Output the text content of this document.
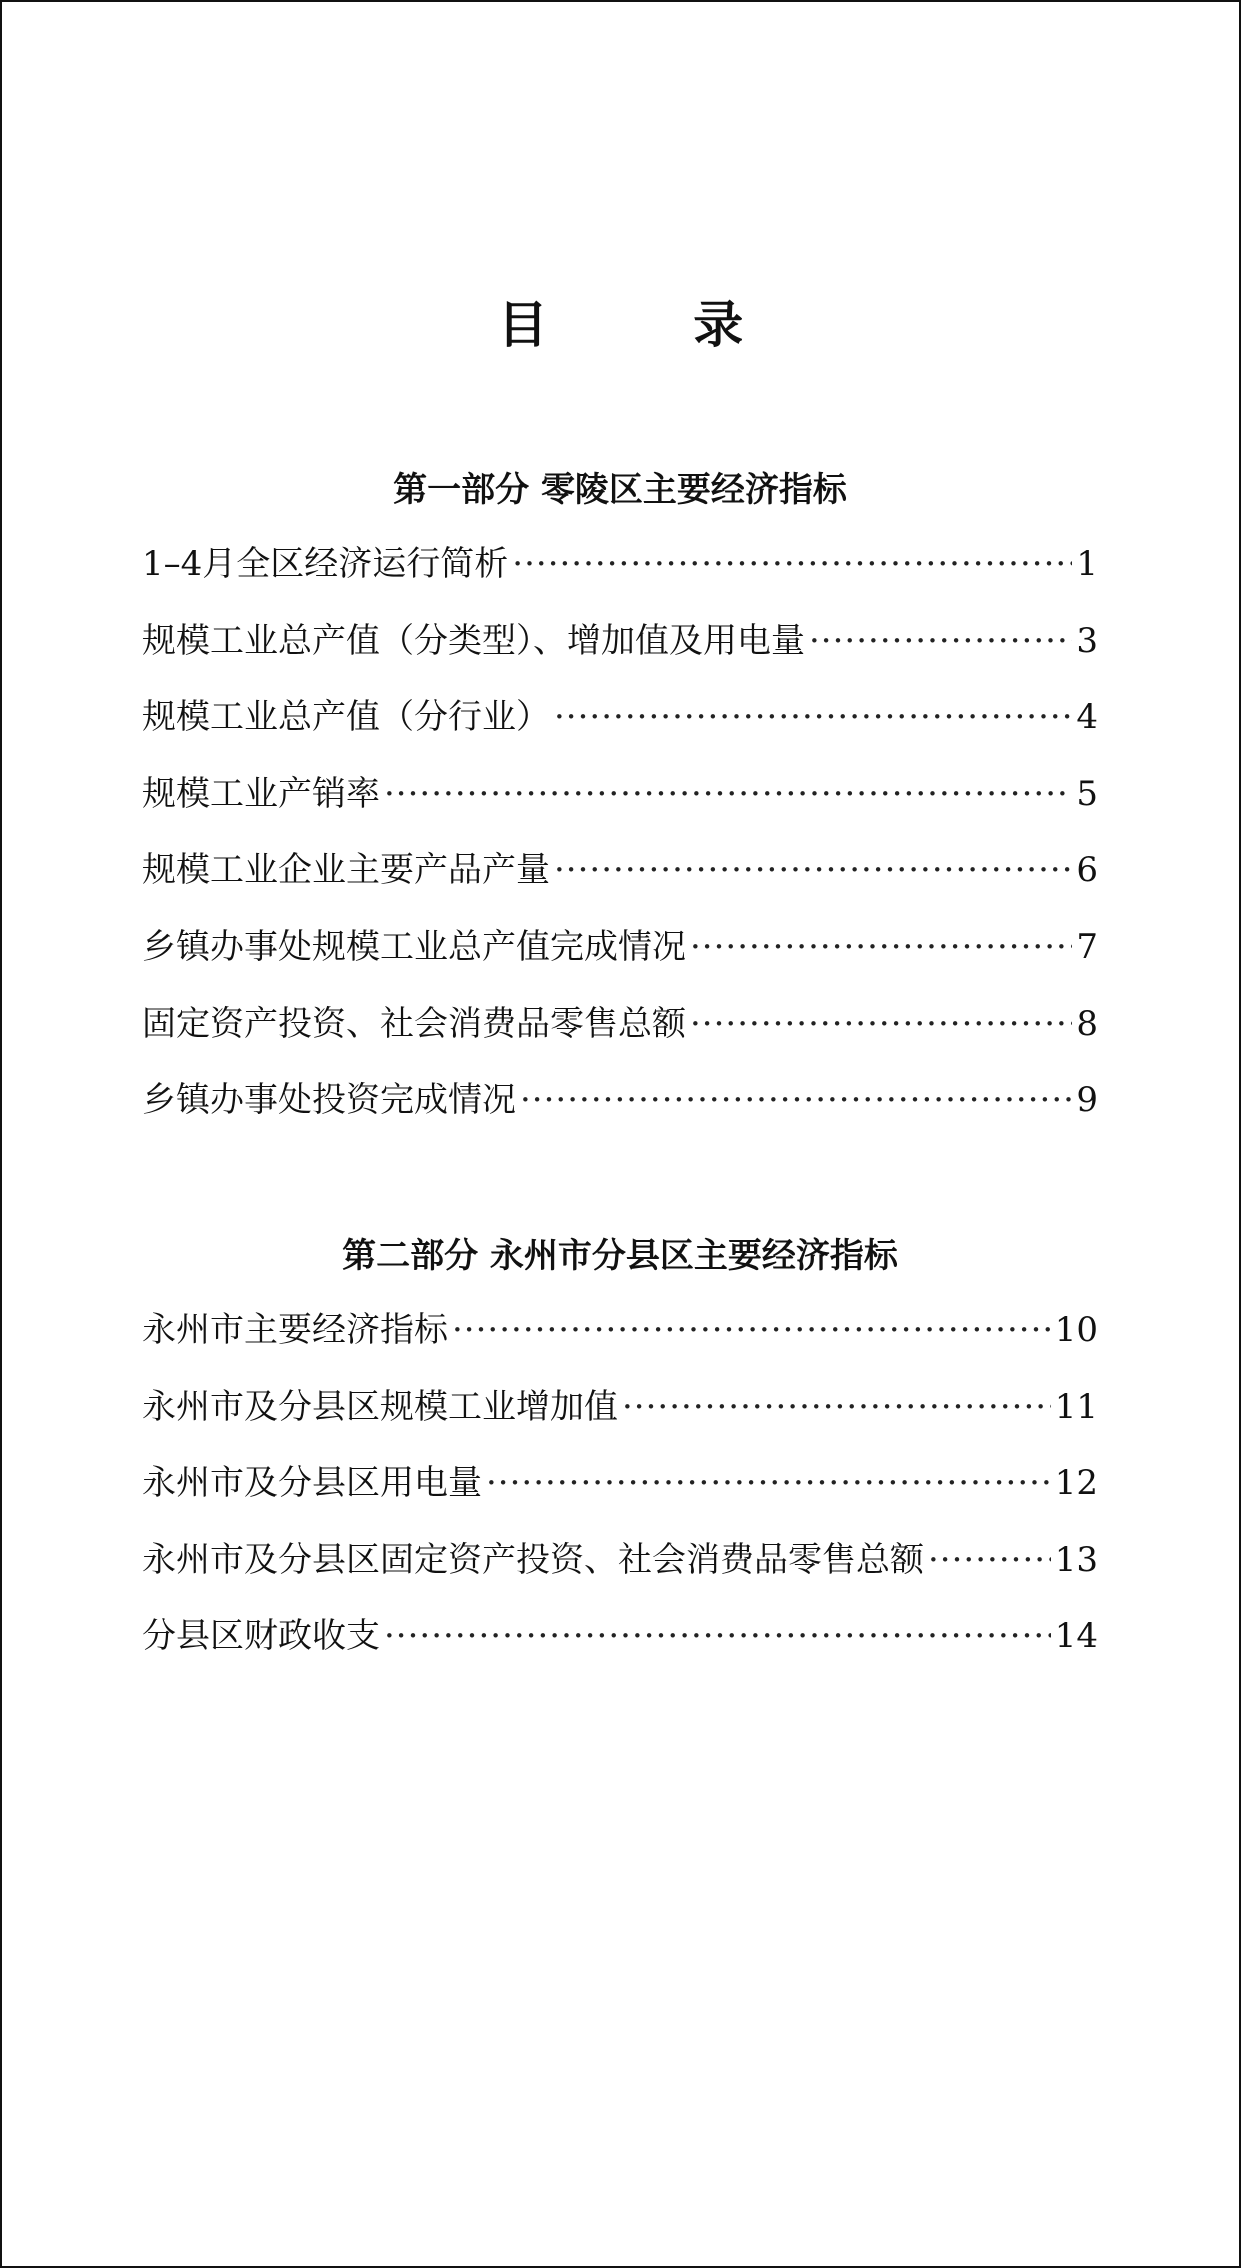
目 录
第一部分 零陵区主要经济指标
1–4月全区经济运行简析 ·····	1
规模工业总产值（分类型）、增加值及用电量 ·····	3
规模工业总产值（分行业） ·····	4
规模工业产销率 ·····	5
规模工业企业主要产品产量 ·····	6
乡镇办事处规模工业总产值完成情况 ·····	7
固定资产投资、社会消费品零售总额 ·····	8
乡镇办事处投资完成情况 ·····	9
第二部分 永州市分县区主要经济指标
永州市主要经济指标 ·····	10
永州市及分县区规模工业增加值 ·····	11
永州市及分县区用电量 ·····	12
永州市及分县区固定资产投资、社会消费品零售总额 ·····	13
分县区财政收支 ·····	14
